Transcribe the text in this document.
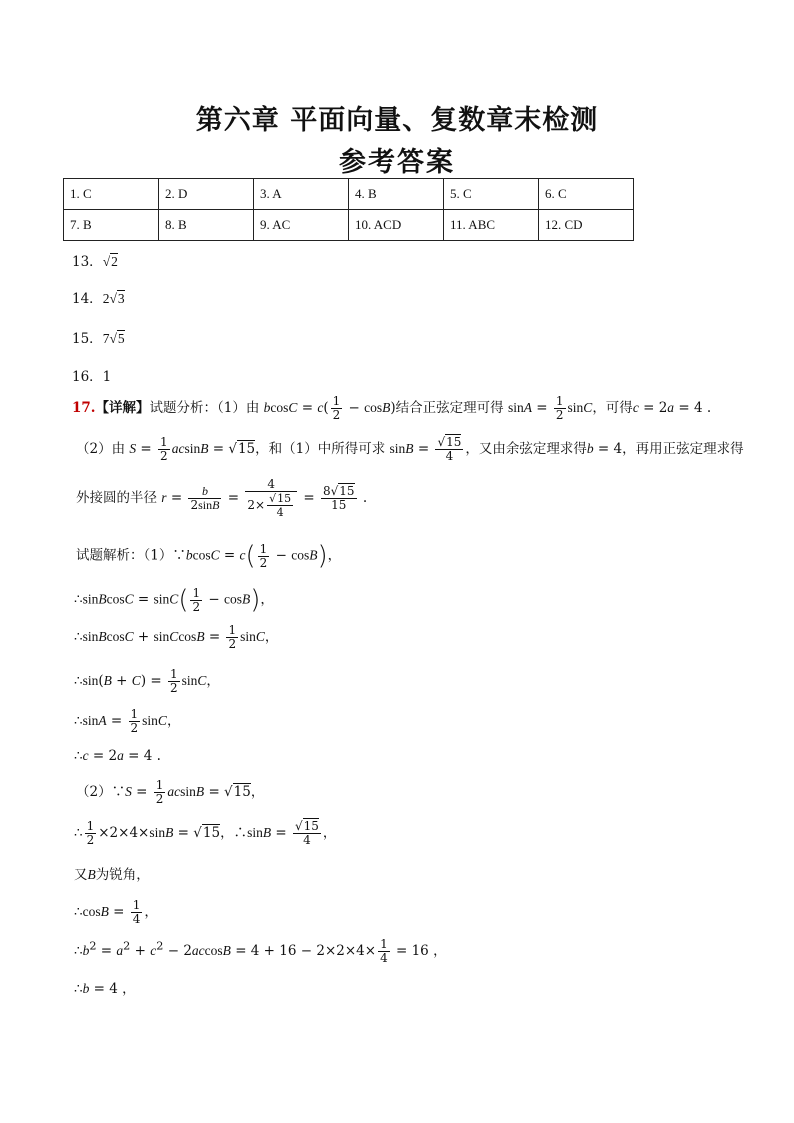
第六章 平面向量、复数章末检测
参考答案
1. C	2. D	3. A	4. B	5. C	6. C
7. B	8. B	9. AC	10. ACD	11. ABC	12. CD
13．√2
14．2√3
15．7√5
16．1
17.【详解】试题分析：（1）由 $bcosC = c( \frac{1}{2} - \cos B)$结合正弦定理可得 $\sin A = \frac{1}{2}$ sinC，可得c = 2a = 4 .
（2）由 $S = \frac{1}{2}$ acsinB = √15，和（1）中所得可求 $\sin B = \frac{√15}{4}$ ，又由余弦定理求得b = 4，再用正弦定理求得
外接圆的半径 $r = \frac{b}{2\sin B} = \frac{4}{2\times \frac{√15}{4}} = \frac{8√15}{15}$ .
试题解析：（1）∵bcosC = $c( \frac{1}{2} - \cos B)$，
∴sinBcosC = $\sin C( \frac{1}{2} - \cos B)$，
∴sinBcosC + sinCcosB = $\frac{1}{2}$ sinC，
∴sin(B + $C) = \frac{1}{2}$ sinC，
∴sinA = $\frac{1}{2}$ sinC，
∴c = 2a = 4 .
（2）∵S = $\frac{1}{2}$ acsinB = √15，
∴ $\frac{1}{2} \times 2\times 4\times\sin B = √15$，∴sinB = $\frac{√15}{4}$ ，
又B为锐角，
∴cosB = $\frac{1}{4}$ ，
$\therefore b^2 = a^2 + c^2 - 2accosB = 4 + 16 - 2\times 2\times 4\times \frac{1}{4} = 16$ ，
∴b = 4 ，
